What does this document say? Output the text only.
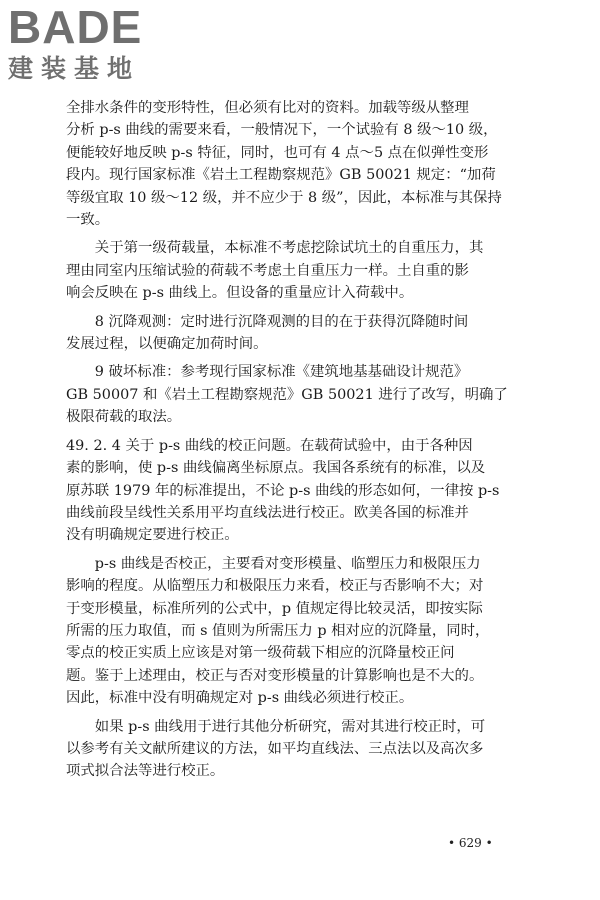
BADE
建装基地
全排水条件的变形特性，但必须有比对的资料。加载等级从整理
分析 p-s 曲线的需要来看，一般情况下，一个试验有 8 级～10 级，
便能较好地反映 p-s 特征，同时，也可有 4 点～5 点在似弹性变形
段内。现行国家标准《岩土工程勘察规范》GB 50021 规定：“加荷
等级宜取 10 级～12 级，并不应少于 8 级”，因此，本标准与其保持
一致。
关于第一级荷载量，本标准不考虑挖除试坑土的自重压力，其
理由同室内压缩试验的荷载不考虑土自重压力一样。土自重的影
响会反映在 p-s 曲线上。但设备的重量应计入荷载中。
8 沉降观测：定时进行沉降观测的目的在于获得沉降随时间
发展过程，以便确定加荷时间。
9 破坏标准：参考现行国家标准《建筑地基基础设计规范》
GB 50007 和《岩土工程勘察规范》GB 50021 进行了改写，明确了
极限荷载的取法。
49. 2. 4 关于 p-s 曲线的校正问题。在载荷试验中，由于各种因
素的影响，使 p-s 曲线偏离坐标原点。我国各系统有的标准，以及
原苏联 1979 年的标准提出，不论 p-s 曲线的形态如何，一律按 p-s
曲线前段呈线性关系用平均直线法进行校正。欧美各国的标准并
没有明确规定要进行校正。
p-s 曲线是否校正，主要看对变形模量、临塑压力和极限压力
影响的程度。从临塑压力和极限压力来看，校正与否影响不大；对
于变形模量，标准所列的公式中，p 值规定得比较灵活，即按实际
所需的压力取值，而 s 值则为所需压力 p 相对应的沉降量，同时，
零点的校正实质上应该是对第一级荷载下相应的沉降量校正问
题。鉴于上述理由，校正与否对变形模量的计算影响也是不大的。
因此，标准中没有明确规定对 p-s 曲线必须进行校正。
如果 p-s 曲线用于进行其他分析研究，需对其进行校正时，可
以参考有关文献所建议的方法，如平均直线法、三点法以及高次多
项式拟合法等进行校正。
• 629 •
